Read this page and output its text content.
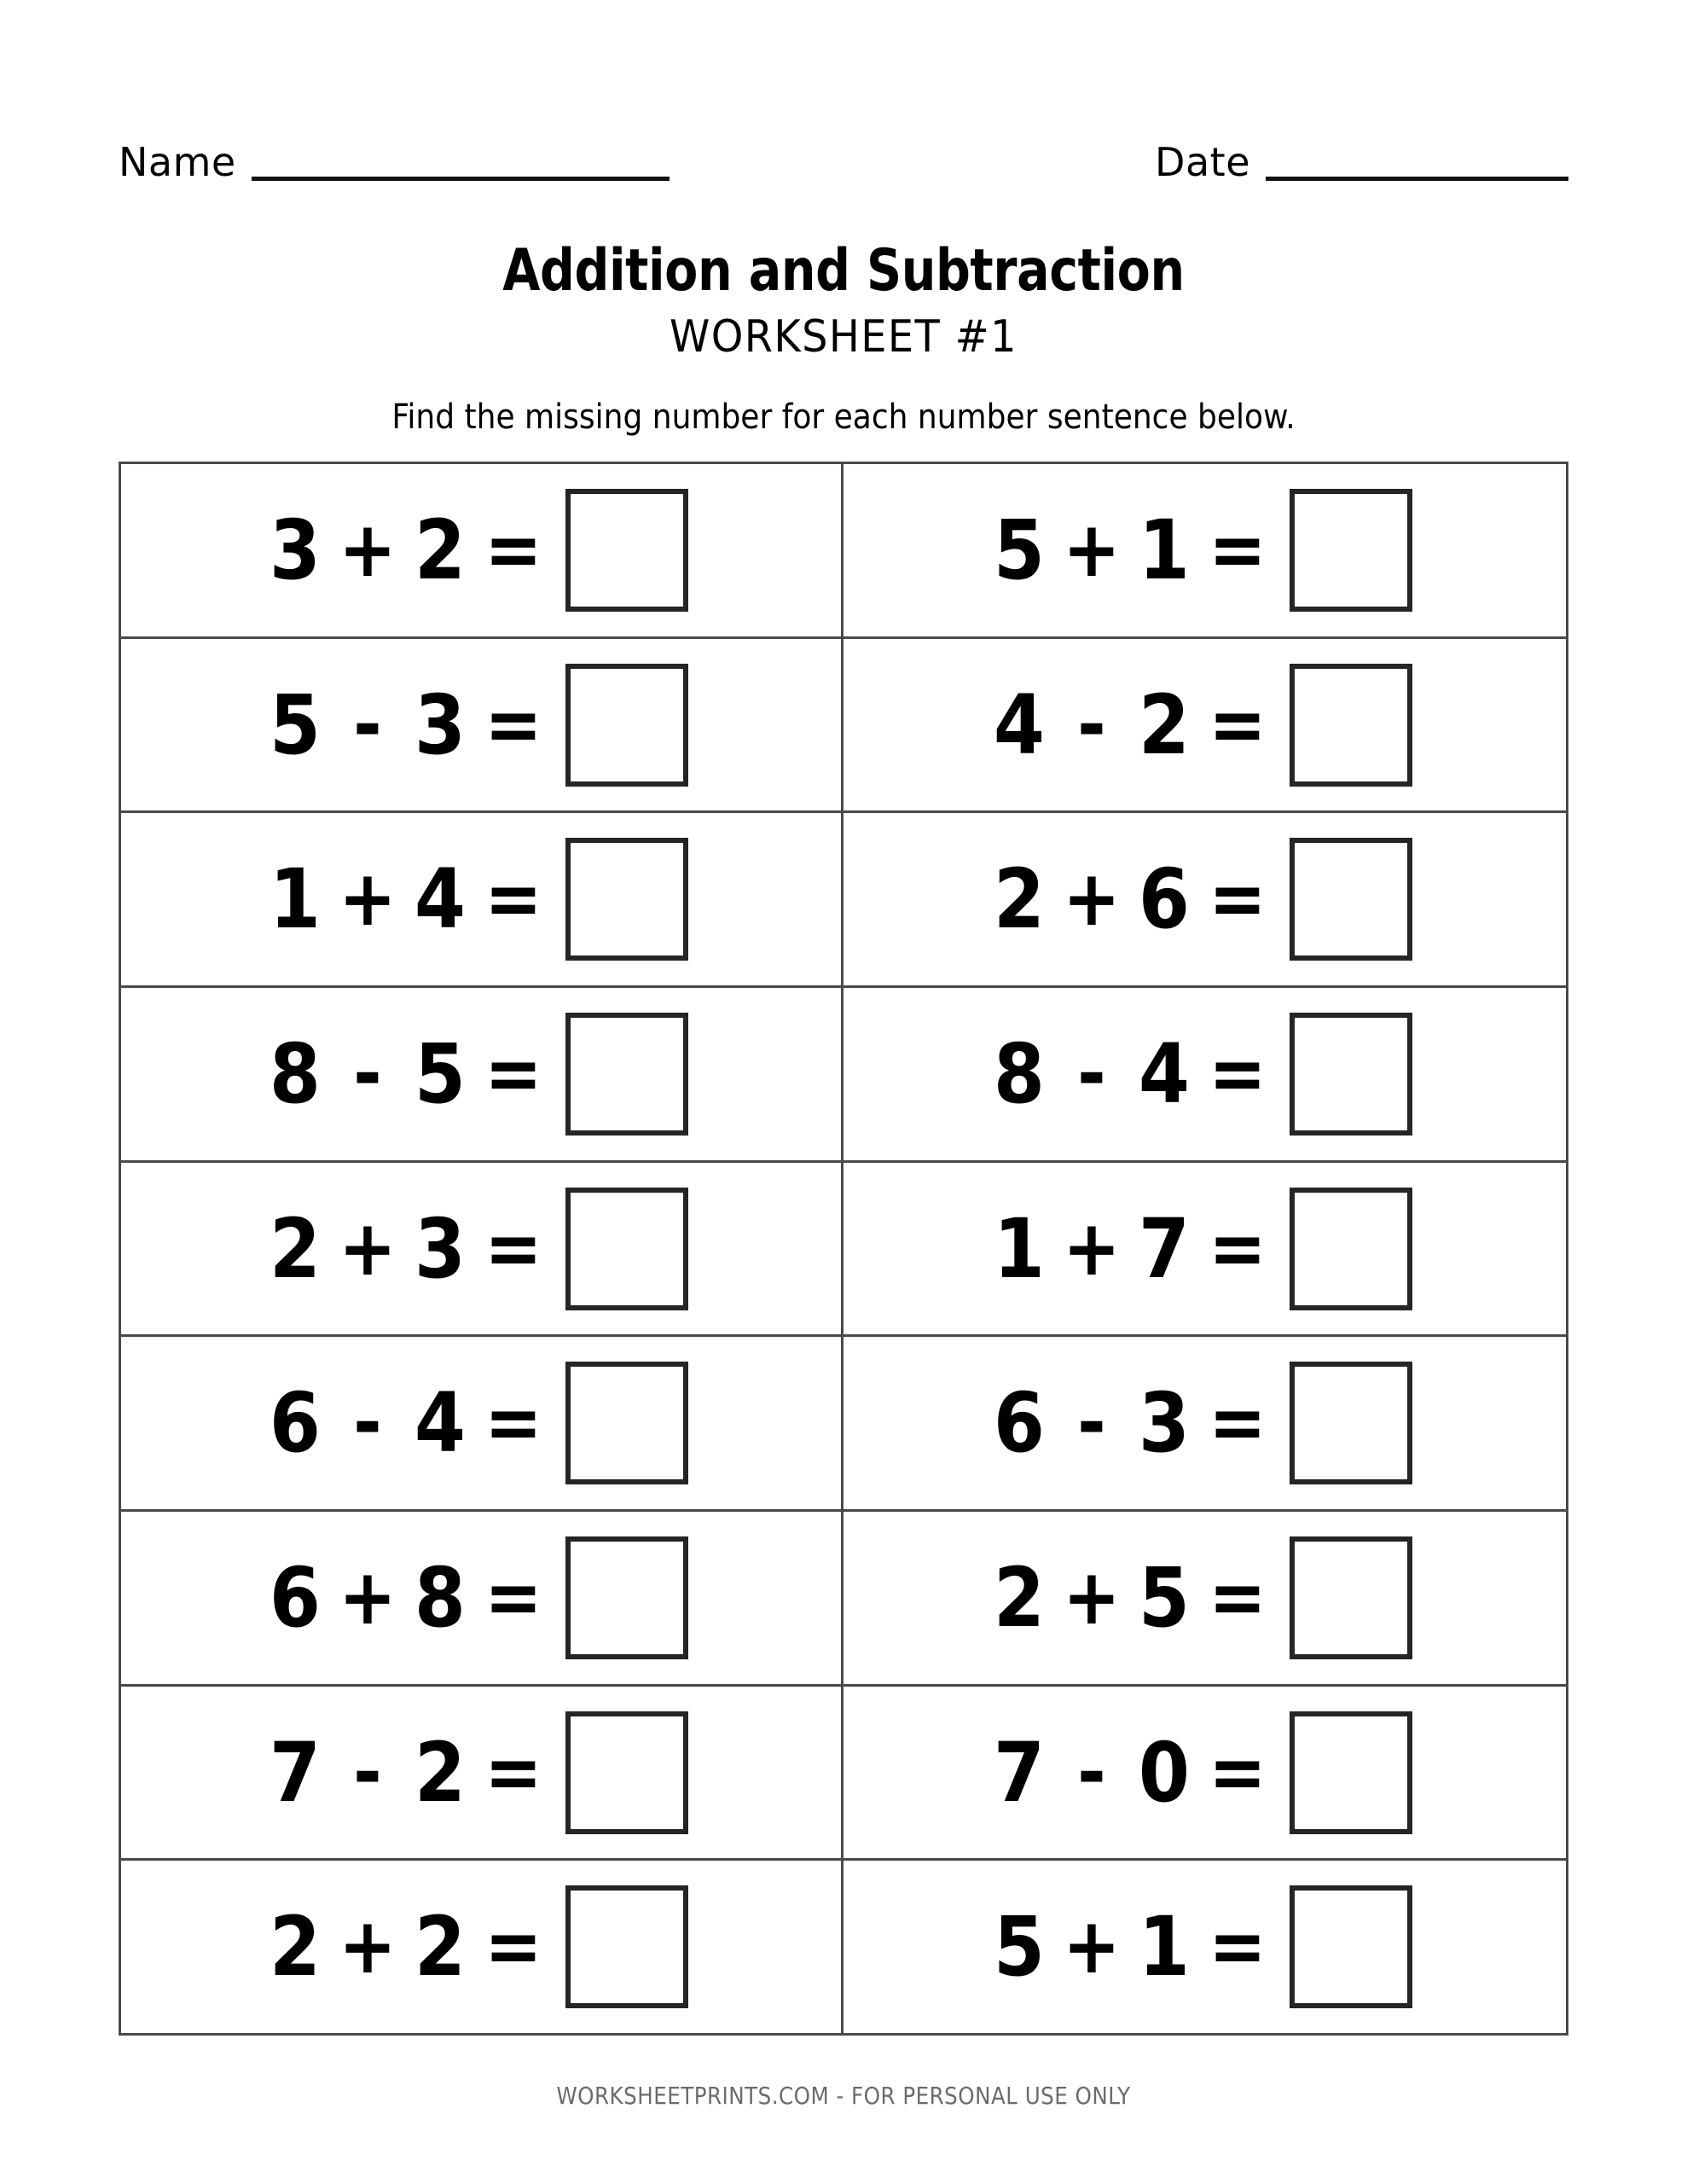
Name	Date
Addition and Subtraction
WORKSHEET #1
Find the missing number for each number sentence below.
3 + 2 =	5 + 1 =
5 - 3 =	4 - 2 =
1 + 4 =	2 + 6 =
8 - 5 =	8 - 4 =
2 + 3 =	1 + 7 =
6 - 4 =	6 - 3 =
6 + 8 =	2 + 5 =
7 - 2 =	7 - 0 =
2 + 2 =	5 + 1 =
WORKSHEETPRINTS.COM - FOR PERSONAL USE ONLY
